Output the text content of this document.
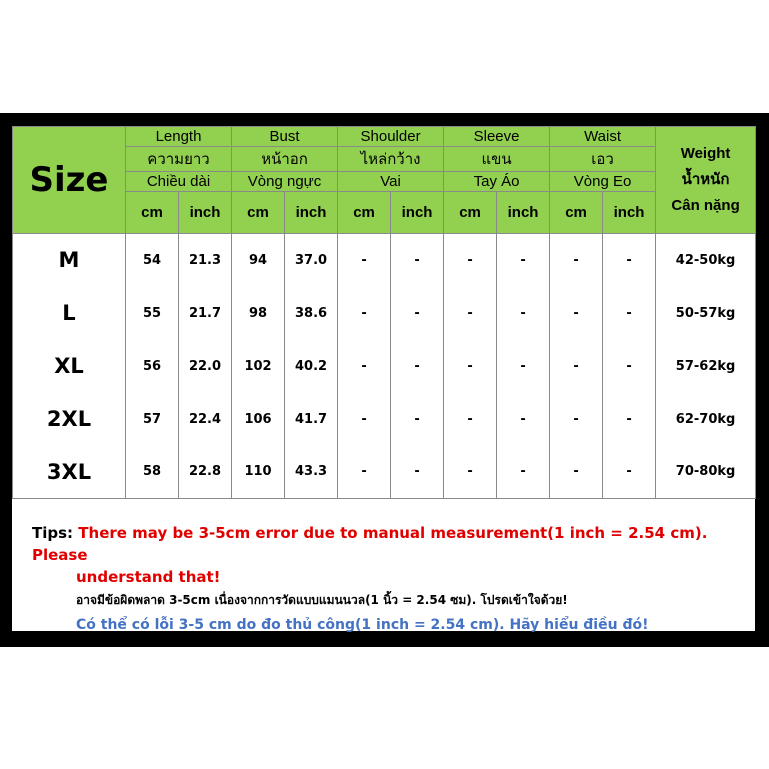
Size	Length		Bust		Shoulder		Sleeve		Waist		Weight
น้ำหนัก
Cân nặng

	ความยาว		หน้าอก		ไหล่กว้าง		แขน		เอว		
	Chiều dài		Vòng ngực		Vai		Tay Áo		Vòng Eo		
	cm	inch	cm	inch	cm	inch	cm	inch	cm	inch	
M	54	21.3	94	37.0	-	-	-	-	-	-	42-50kg
L	55	21.7	98	38.6	-	-	-	-	-	-	50-57kg
XL	56	22.0	102	40.2	-	-	-	-	-	-	57-62kg
2XL	57	22.4	106	41.7	-	-	-	-	-	-	62-70kg
3XL	58	22.8	110	43.3	-	-	-	-	-	-	70-80kg
Tips: There may be 3-5cm error due to manual measurement(1 inch = 2.54 cm). Please
understand that!
อาจมีข้อผิดพลาด 3-5cm เนื่องจากการวัดแบบแมนนวล(1 นิ้ว = 2.54 ซม). โปรดเข้าใจด้วย!
Có thể có lỗi 3-5 cm do đo thủ công(1 inch = 2.54 cm). Hãy hiểu điều đó!
